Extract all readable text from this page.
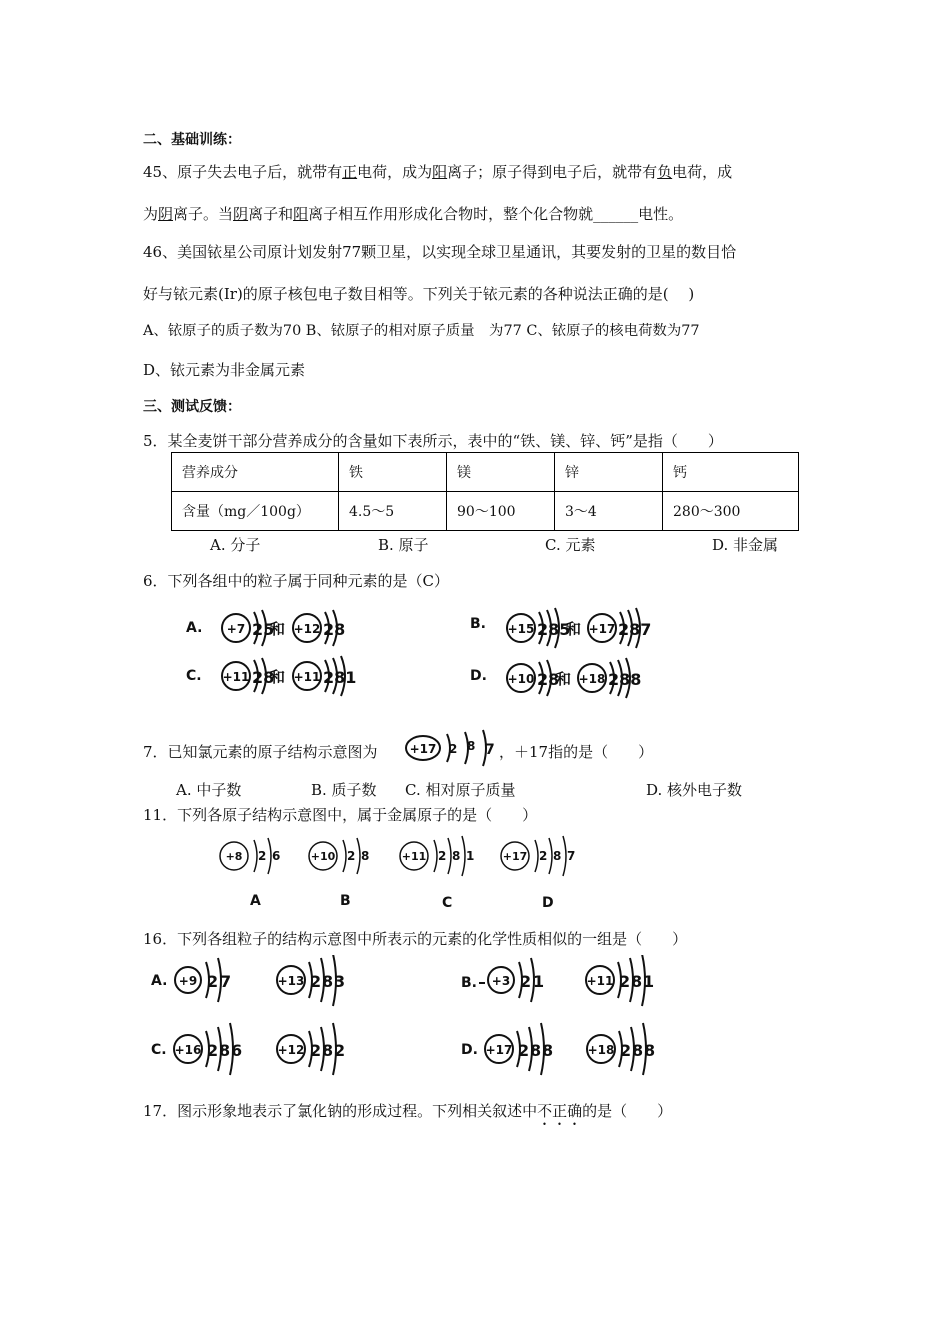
二、基础训练：
45、原子失去电子后，就带有正电荷，成为阳离子；原子得到电子后，就带有负电荷，成
为阴离子。当阴离子和阳离子相互作用形成化合物时，整个化合物就______电性。
46、美国铱星公司原计划发射77颗卫星，以实现全球卫星通讯，其要发射的卫星的数目恰
好与铱元素(Ir)的原子核包电子数目相等。下列关于铱元素的各种说法正确的是(　 )
A、铱原子的质子数为70 B、铱原子的相对原子质量　为77 C、铱原子的核电荷数为77
D、铱元素为非金属元素
三、测试反馈：
5．某全麦饼干部分营养成分的含量如下表所示，表中的“铁、镁、锌、钙”是指（　　）
营养成分	铁	镁	锌	钙
含量（mg／100g）	4.5～5	90～100	3～4	280～300
A. 分子	B. 原子	C. 元素	D. 非金属
6．下列各组中的粒子属于同种元素的是（C）
A. +7 25
和 +12 28	B. +15 285
和 +17 287
C. +11 28
和 +11 281	D. +10 28
和 +18 288
7．已知氯元素的原子结构示意图为	+17 2 8 7 ，＋17指的是（　　）
A. 中子数	B. 质子数 C. 相对原子质量	D. 核外电子数
11．下列各原子结构示意图中，属于金属原子的是（　　）
+8 2 6
A
+10 2 8
B
+11 2 8 1
C
+17 2 8 7
D
16．下列各组粒子的结构示意图中所表示的元素的化学性质相似的一组是（　　）
A. +9 2 7	+13 2 8 3	B. +3 2 1	+11 2 8 1
C. +16 2 8 6	+12 2 8 2	D. +17 2 8 8	+18 2 8 8
17．图示形象地表示了氯化钠的形成过程。下列相关叙述中不正确的是（　　）
